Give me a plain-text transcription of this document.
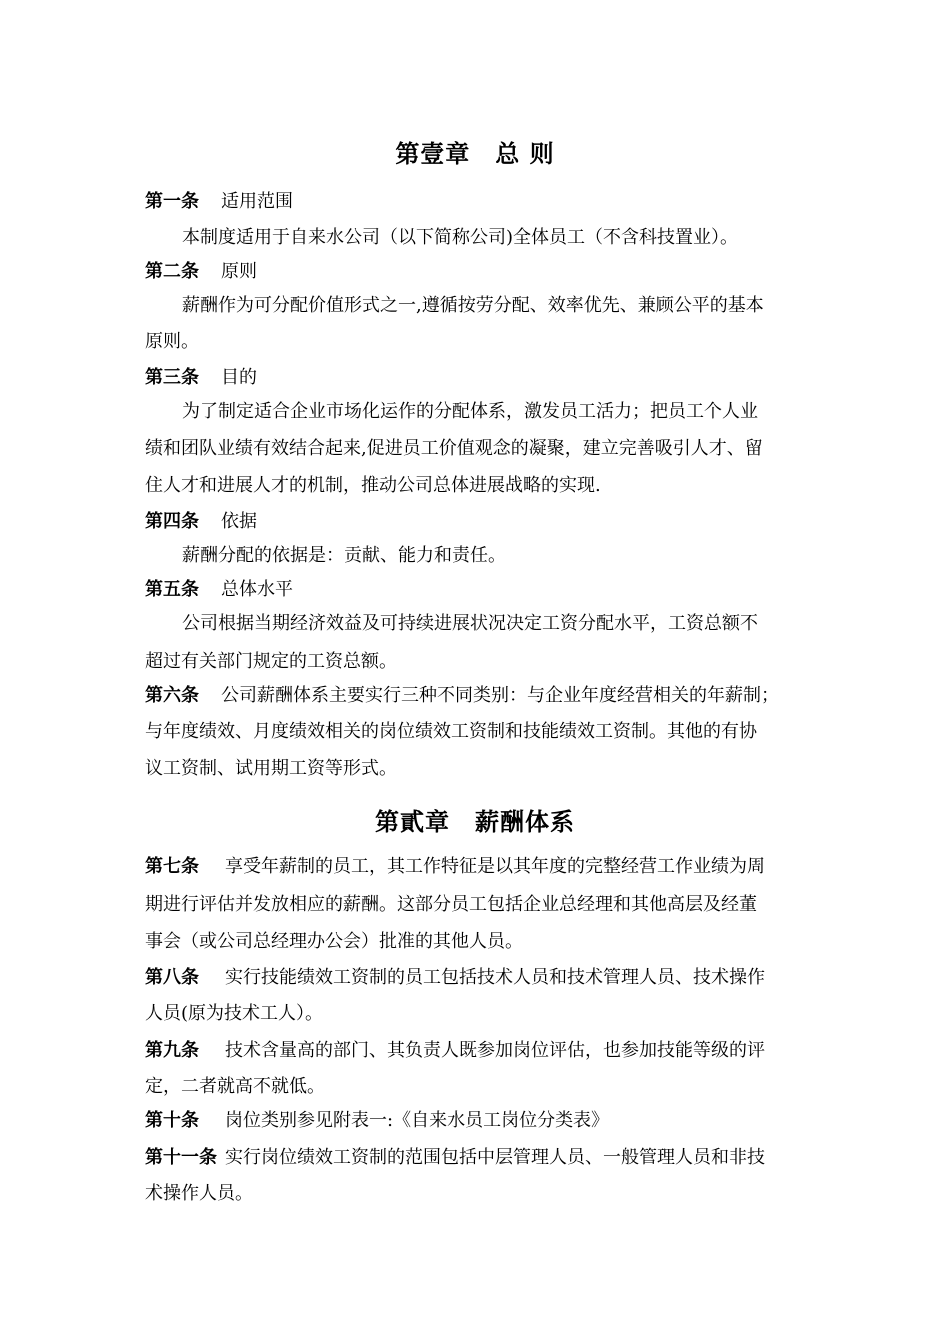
第壹章　总 则
第一条 适用范围
本制度适用于自来水公司（以下简称公司)全体员工（不含科技置业）。
第二条 原则
薪酬作为可分配价值形式之一,遵循按劳分配、效率优先、兼顾公平的基本
原则。
第三条 目的
为了制定适合企业市场化运作的分配体系，激发员工活力；把员工个人业
绩和团队业绩有效结合起来,促进员工价值观念的凝聚，建立完善吸引人才、留
住人才和进展人才的机制，推动公司总体进展战略的实现.
第四条 依据
薪酬分配的依据是：贡献、能力和责任。
第五条 总体水平
公司根据当期经济效益及可持续进展状况决定工资分配水平，工资总额不
超过有关部门规定的工资总额。
第六条 公司薪酬体系主要实行三种不同类别：与企业年度经营相关的年薪制；
与年度绩效、月度绩效相关的岗位绩效工资制和技能绩效工资制。其他的有协
议工资制、试用期工资等形式。
第貳章　薪酬体系
第七条 享受年薪制的员工，其工作特征是以其年度的完整经营工作业绩为周
期进行评估并发放相应的薪酬。这部分员工包括企业总经理和其他高层及经董
事会（或公司总经理办公会）批准的其他人员。
第八条 实行技能绩效工资制的员工包括技术人员和技术管理人员、技术操作
人员(原为技术工人）。
第九条 技术含量高的部门、其负责人既参加岗位评估，也参加技能等级的评
定，二者就高不就低。
第十条 岗位类别参见附表一:《自来水员工岗位分类表》
第十一条 实行岗位绩效工资制的范围包括中层管理人员、一般管理人员和非技
术操作人员。
